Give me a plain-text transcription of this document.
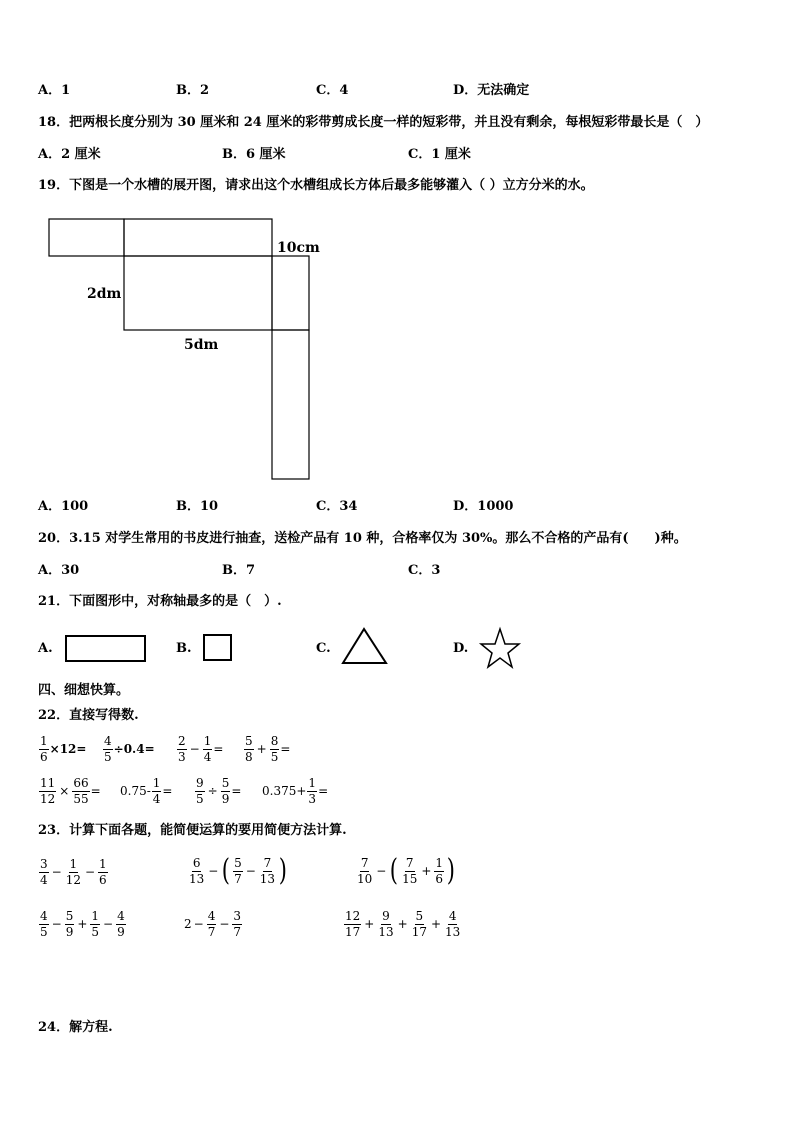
A．1	B．2	C．4	D．无法确定
18．把两根长度分别为 30 厘米和 24 厘米的彩带剪成长度一样的短彩带，并且没有剩余，每根短彩带最长是（　）
A．2 厘米	B．6 厘米	C．1 厘米
19．下图是一个水槽的展开图，请求出这个水槽组成长方体后最多能够灌入（ ）立方分米的水。
10cm
2dm
5dm
A．100	B．10	C．34	D．1000
20．3.15 对学生常用的书皮进行抽查，送检产品有 10 种，合格率仅为 30%。那么不合格的产品有(　　)种。
A．30	B．7	C．3
21．下面图形中，对称轴最多的是（　）.
A.	B.	C.	D.
四、细想快算。
22．直接写得数.
$\frac{1}{6} \times 12= \frac{4}{5} \div 0.4= \frac{2}{3} - \frac{1}{4} = \frac{5}{8} + \frac{8}{5}$ =
$\frac{11}{12} \times \frac{66}{55} = 0.75- \frac{1}{4} = \frac{9}{5} \div \frac{5}{9} = 0.375+ \frac{1}{3}$ =
23．计算下面各题，能简便运算的要用简便方法计算.
$\frac{3}{4} - \frac{1}{12} - \frac{1}{6}$	$\frac{6}{13}$ − ( $\frac{5}{7} - \frac{7}{13}$ )	$\frac{7}{10}$ − ( $\frac{7}{15} + \frac{1}{6}$ )
$\frac{4}{5} - \frac{5}{9} + \frac{1}{5} - \frac{4}{9}$	$2 - \frac{4}{7} - \frac{3}{7}$	$\frac{12}{17} + \frac{9}{13} + \frac{5}{17} + \frac{4}{13}$
24．解方程.
